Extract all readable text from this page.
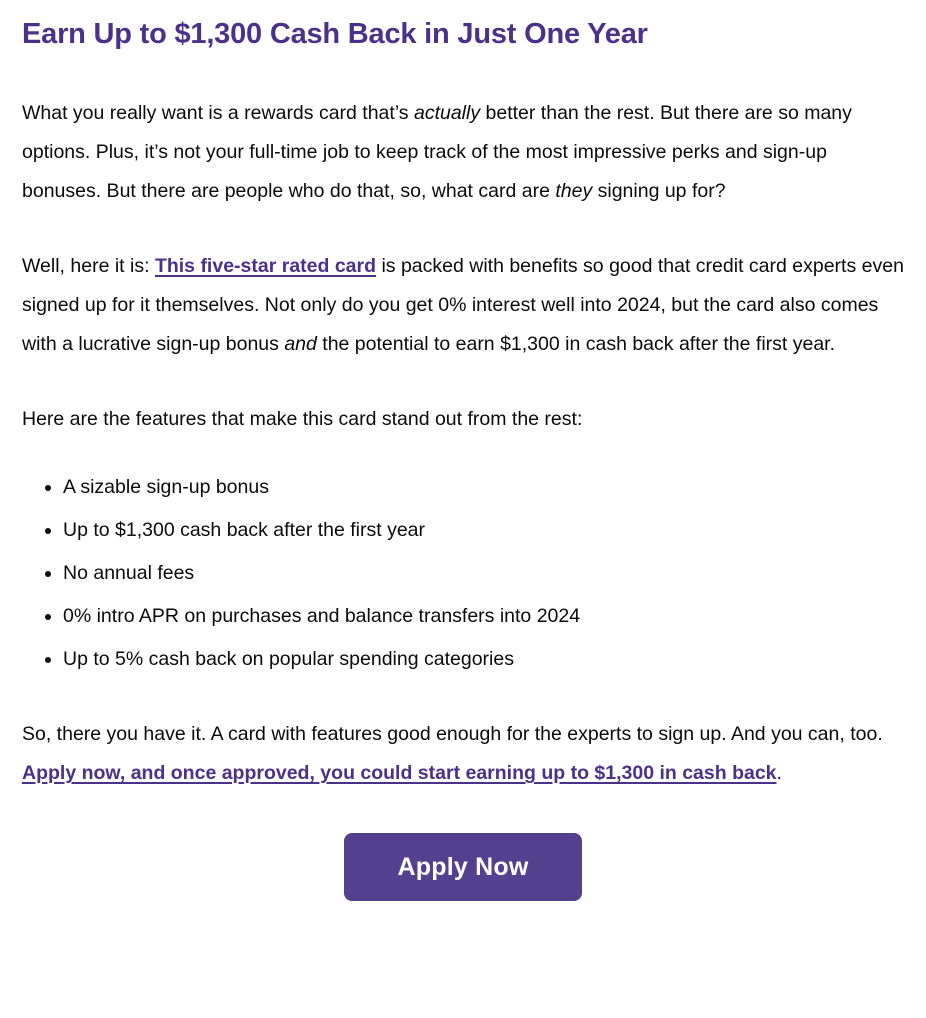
Earn Up to $1,300 Cash Back in Just One Year

What you really want is a rewards card that’s actually better than the rest. But there are so many options. Plus, it’s not your full-time job to keep track of the most impressive perks and sign-up bonuses. But there are people who do that, so, what card are they signing up for?

Well, here it is: This five-star rated card is packed with benefits so good that credit card experts even signed up for it themselves. Not only do you get 0% interest well into 2024, but the card also comes with a lucrative sign-up bonus and the potential to earn $1,300 in cash back after the first year.

Here are the features that make this card stand out from the rest:

• A sizable sign-up bonus
• Up to $1,300 cash back after the first year
• No annual fees
• 0% intro APR on purchases and balance transfers into 2024
• Up to 5% cash back on popular spending categories

So, there you have it. A card with features good enough for the experts to sign up. And you can, too. Apply now, and once approved, you could start earning up to $1,300 in cash back.

Apply Now
